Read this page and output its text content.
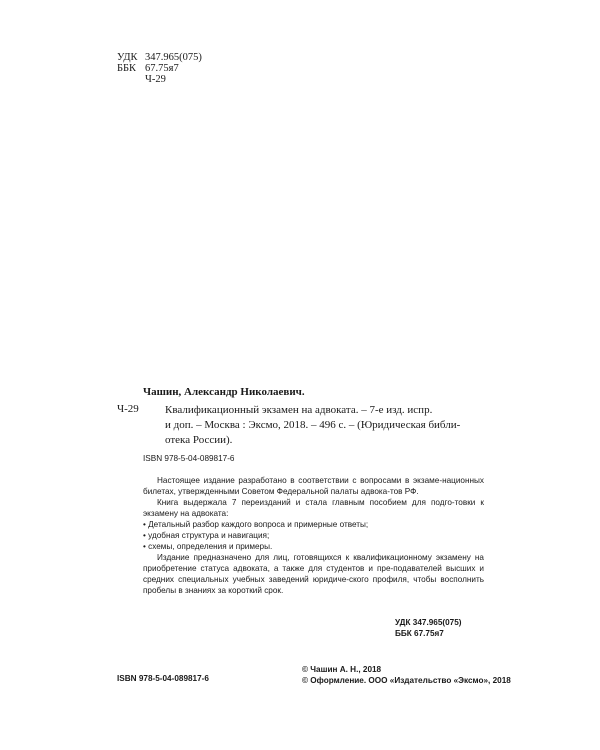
УДК 347.965(075)
ББК 67.75я7
Ч-29
Чашин, Александр Николаевич.
Ч-29 Квалификационный экзамен на адвоката. – 7-е изд. испр.

и доп. – Москва : Эксмо, 2018. – 496 с. – (Юридическая библи-

отека России).

ISBN 978-5-04-089817-6

Настоящее издание разработано в соответствии с вопросами в экзаме-национных билетах, утвержденными Советом Федеральной палаты адвока-тов РФ.

Книга выдержала 7 переизданий и стала главным пособием для подго-товки к экзамену на адвоката:

• Детальный разбор каждого вопроса и примерные ответы;

• удобная структура и навигация;

• схемы, определения и примеры.

Издание предназначено для лиц, готовящихся к квалификационному экзамену на приобретение статуса адвоката, а также для студентов и пре-подавателей высших и средних специальных учебных заведений юридиче-ского профиля, чтобы восполнить пробелы в знаниях за короткий срок.

УДК 347.965(075)
ББК 67.75я7
ISBN 978-5-04-089817-6
© Чашин А. Н., 2018
© Оформление. ООО «Издательство «Эксмо», 2018
